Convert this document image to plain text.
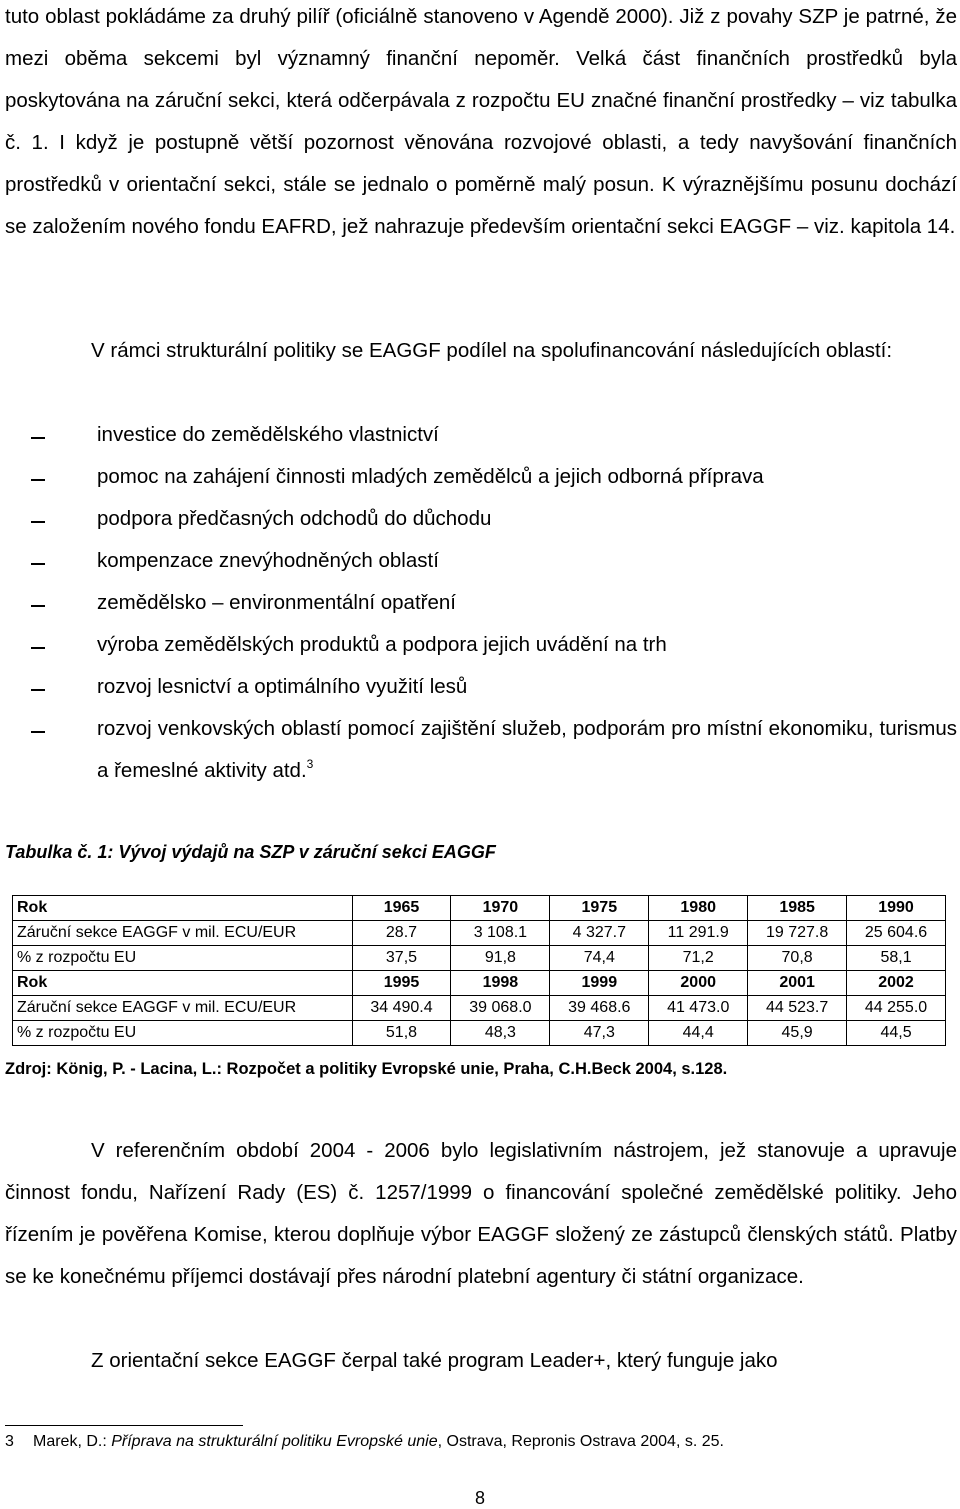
tuto oblast pokládáme za druhý pilíř (oficiálně stanoveno v Agendě 2000). Již z povahy SZP je patrné, že mezi oběma sekcemi byl významný finanční nepoměr. Velká část finančních prostředků byla poskytována na záruční sekci, která odčerpávala z rozpočtu EU značné finanční prostředky – viz tabulka č. 1. I když je postupně větší pozornost věnována rozvojové oblasti, a tedy navyšování finančních prostředků v orientační sekci, stále se jednalo o poměrně malý posun. K výraznějšímu posunu dochází se založením nového fondu EAFRD, jež nahrazuje především orientační sekci EAGGF – viz. kapitola 14.

V rámci strukturální politiky se EAGGF podílel na spolufinancování následujících oblastí:

investice do zemědělského vlastnictví
pomoc na zahájení činnosti mladých zemědělců a jejich odborná příprava
podpora předčasných odchodů do důchodu
kompenzace znevýhodněných oblastí
zemědělsko – environmentální opatření
výroba zemědělských produktů a podpora jejich uvádění na trh
rozvoj lesnictví a optimálního využití lesů
rozvoj venkovských oblastí pomocí zajištění služeb, podporám pro místní ekonomiku, turismus a řemeslné aktivity atd.$^3$

Tabulka č. 1: Vývoj výdajů na SZP v záruční sekci EAGGF

Rok	1965	1970	1975	1980	1985	1990
Záruční sekce EAGGF v mil. ECU/EUR	28.7	3 108.1	4 327.7	11 291.9	19 727.8	25 604.6
% z rozpočtu EU	37,5	91,8	74,4	71,2	70,8	58,1
Rok	1995	1998	1999	2000	2001	2002
Záruční sekce EAGGF v mil. ECU/EUR	34 490.4	39 068.0	39 468.6	41 473.0	44 523.7	44 255.0
% z rozpočtu EU	51,8	48,3	47,3	44,4	45,9	44,5

Zdroj: König, P. - Lacina, L.: Rozpočet a politiky Evropské unie, Praha, C.H.Beck 2004, s.128.

V referenčním období 2004 - 2006 bylo legislativním nástrojem, jež stanovuje a upravuje činnost fondu, Nařízení Rady (ES) č. 1257/1999 o financování společné zemědělské politiky. Jeho řízením je pověřena Komise, kterou doplňuje výbor EAGGF složený ze zástupců členských států. Platby se ke konečnému příjemci dostávají přes národní platební agentury či státní organizace.

Z orientační sekce EAGGF čerpal také program Leader+, který funguje jako

3 Marek, D.: Příprava na strukturální politiku Evropské unie, Ostrava, Repronis Ostrava 2004, s. 25.

8
